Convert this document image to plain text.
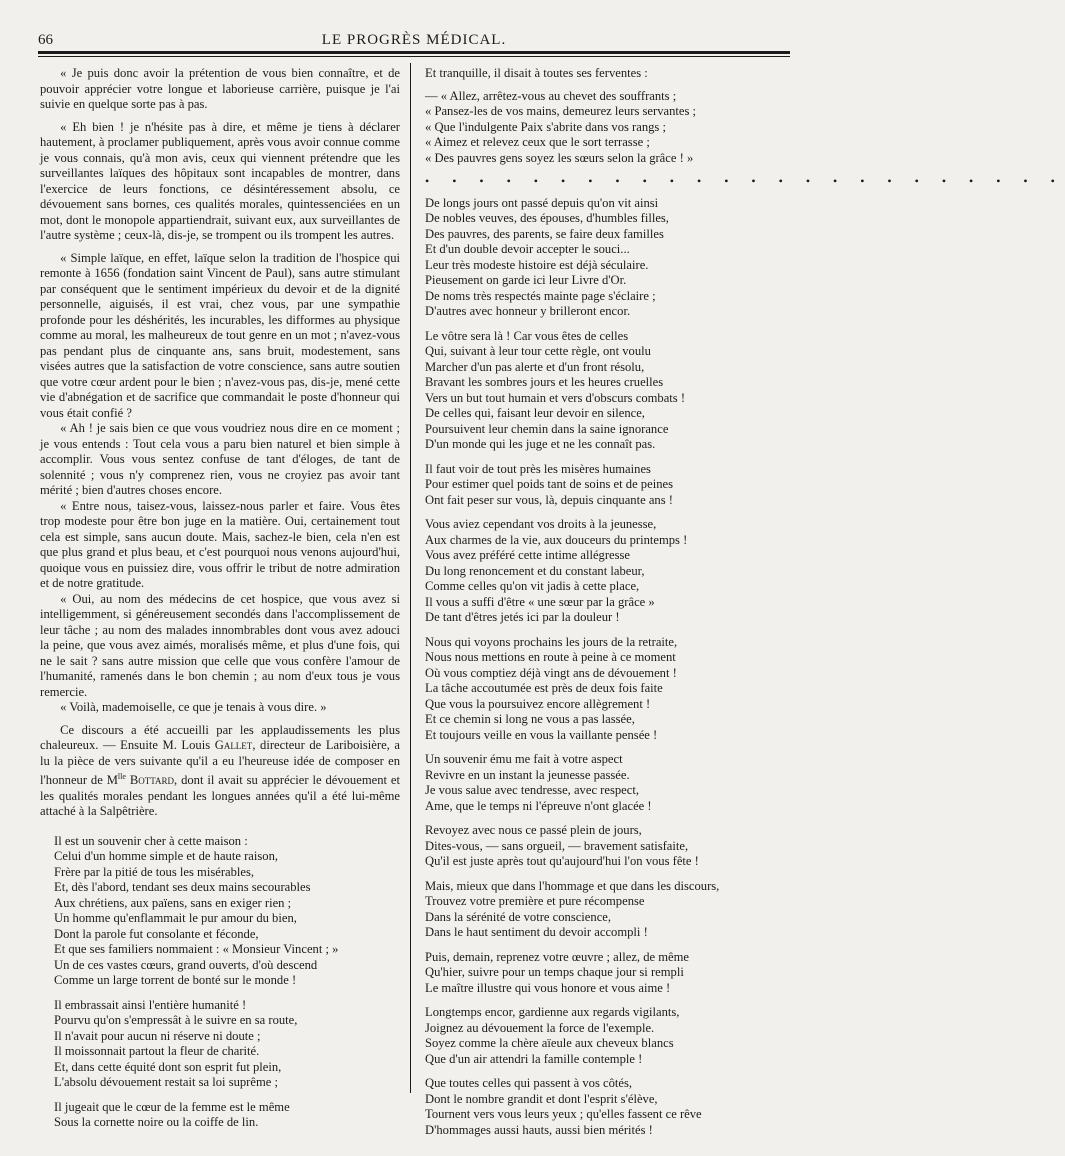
66	LE PROGRÈS MÉDICAL.

« Je puis donc avoir la prétention de vous bien connaître, et de pouvoir apprécier votre longue et laborieuse carrière, puisque je l'ai suivie en quelque sorte pas à pas.

« Eh bien ! je n'hésite pas à dire, et même je tiens à déclarer hautement, à proclamer publiquement, après vous avoir connue comme je vous connais, qu'à mon avis, ceux qui viennent prétendre que les surveillantes laïques des hôpitaux sont incapables de montrer, dans l'exercice de leurs fonctions, ce désintéressement absolu, ce dévouement sans bornes, ces qualités morales, quintessenciées en un mot, dont le monopole appartiendrait, suivant eux, aux surveillantes de l'autre système ; ceux-là, dis-je, se trompent ou ils trompent les autres.

« Simple laïque, en effet, laïque selon la tradition de l'hospice qui remonte à 1656 (fondation saint Vincent de Paul), sans autre stimulant par conséquent que le sentiment impérieux du devoir et de la dignité personnelle, aiguisés, il est vrai, chez vous, par une sympathie profonde pour les déshérités, les incurables, les difformes au physique comme au moral, les malheureux de tout genre en un mot ; n'avez-vous pas pendant plus de cinquante ans, sans bruit, modestement, sans visées autres que la satisfaction de votre conscience, sans autre soutien que votre cœur ardent pour le bien ; n'avez-vous pas, dis-je, mené cette vie d'abnégation et de sacrifice que commandait le poste d'honneur qui vous était confié ?

« Ah ! je sais bien ce que vous voudriez nous dire en ce moment ; je vous entends : Tout cela vous a paru bien naturel et bien simple à accomplir. Vous vous sentez confuse de tant d'éloges, de tant de solennité ; vous n'y comprenez rien, vous ne croyiez pas avoir tant mérité ; bien d'autres choses encore.

« Entre nous, taisez-vous, laissez-nous parler et faire. Vous êtes trop modeste pour être bon juge en la matière. Oui, certainement tout cela est simple, sans aucun doute. Mais, sachez-le bien, cela n'en est que plus grand et plus beau, et c'est pourquoi nous venons aujourd'hui, quoique vous en puissiez dire, vous offrir le tribut de notre admiration et de notre gratitude.

« Oui, au nom des médecins de cet hospice, que vous avez si intelligemment, si généreusement secondés dans l'accomplissement de leur tâche ; au nom des malades innombrables dont vous avez adouci la peine, que vous avez aimés, moralisés même, et plus d'une fois, qui ne le sait ? sans autre mission que celle que vous confère l'amour de l'humanité, ramenés dans le bon chemin ; au nom d'eux tous je vous remercie.

« Voilà, mademoiselle, ce que je tenais à vous dire. »

Ce discours a été accueilli par les applaudissements les plus chaleureux. — Ensuite M. Louis Gallet, directeur de Lariboisière, a lu la pièce de vers suivante qu'il a eu l'heureuse idée de composer en l'honneur de $M^{lle}$ Bottard, dont il avait su apprécier le dévouement et les qualités morales pendant les longues années qu'il a été lui-même attaché à la Salpêtrière.

Il est un souvenir cher à cette maison :

Celui d'un homme simple et de haute raison,

Frère par la pitié de tous les misérables,

Et, dès l'abord, tendant ses deux mains secourables

Aux chrétiens, aux païens, sans en exiger rien ;

Un homme qu'enflammait le pur amour du bien,

Dont la parole fut consolante et féconde,

Et que ses familiers nommaient : « Monsieur Vincent ; »

Un de ces vastes cœurs, grand ouverts, d'où descend

Comme un large torrent de bonté sur le monde !

Il embrassait ainsi l'entière humanité !

Pourvu qu'on s'empressât à le suivre en sa route,

Il n'avait pour aucun ni réserve ni doute ;

Il moissonnait partout la fleur de charité.

Et, dans cette équité dont son esprit fut plein,

L'absolu dévouement restait sa loi suprême ;

Il jugeait que le cœur de la femme est le même

Sous la cornette noire ou la coiffe de lin.

Et tranquille, il disait à toutes ses ferventes :

— « Allez, arrêtez-vous au chevet des souffrants ;

« Pansez-les de vos mains, demeurez leurs servantes ;

« Que l'indulgente Paix s'abrite dans vos rangs ;

« Aimez et relevez ceux que le sort terrasse ;

« Des pauvres gens soyez les sœurs selon la grâce ! »

• • • • • • • • • • • • • • • • • • • • • • • •

De longs jours ont passé depuis qu'on vit ainsi

De nobles veuves, des épouses, d'humbles filles,

Des pauvres, des parents, se faire deux familles

Et d'un double devoir accepter le souci...

Leur très modeste histoire est déjà séculaire.

Pieusement on garde ici leur Livre d'Or.

De noms très respectés mainte page s'éclaire ;

D'autres avec honneur y brilleront encor.

Le vôtre sera là ! Car vous êtes de celles

Qui, suivant à leur tour cette règle, ont voulu

Marcher d'un pas alerte et d'un front résolu,

Bravant les sombres jours et les heures cruelles

Vers un but tout humain et vers d'obscurs combats !

De celles qui, faisant leur devoir en silence,

Poursuivent leur chemin dans la saine ignorance

D'un monde qui les juge et ne les connaît pas.

Il faut voir de tout près les misères humaines

Pour estimer quel poids tant de soins et de peines

Ont fait peser sur vous, là, depuis cinquante ans !

Vous aviez cependant vos droits à la jeunesse,

Aux charmes de la vie, aux douceurs du printemps !

Vous avez préféré cette intime allégresse

Du long renoncement et du constant labeur,

Comme celles qu'on vit jadis à cette place,

Il vous a suffi d'être « une sœur par la grâce »

De tant d'êtres jetés ici par la douleur !

Nous qui voyons prochains les jours de la retraite,

Nous nous mettions en route à peine à ce moment

Où vous comptiez déjà vingt ans de dévouement !

La tâche accoutumée est près de deux fois faite

Que vous la poursuivez encore allègrement !

Et ce chemin si long ne vous a pas lassée,

Et toujours veille en vous la vaillante pensée !

Un souvenir ému me fait à votre aspect

Revivre en un instant la jeunesse passée.

Je vous salue avec tendresse, avec respect,

Ame, que le temps ni l'épreuve n'ont glacée !

Revoyez avec nous ce passé plein de jours,

Dites-vous, — sans orgueil, — bravement satisfaite,

Qu'il est juste après tout qu'aujourd'hui l'on vous fête !

Mais, mieux que dans l'hommage et que dans les discours,

Trouvez votre première et pure récompense

Dans la sérénité de votre conscience,

Dans le haut sentiment du devoir accompli !

Puis, demain, reprenez votre œuvre ; allez, de même

Qu'hier, suivre pour un temps chaque jour si rempli

Le maître illustre qui vous honore et vous aime !

Longtemps encor, gardienne aux regards vigilants,

Joignez au dévouement la force de l'exemple.

Soyez comme la chère aïeule aux cheveux blancs

Que d'un air attendri la famille contemple !

Que toutes celles qui passent à vos côtés,

Dont le nombre grandit et dont l'esprit s'élève,

Tournent vers vous leurs yeux ; qu'elles fassent ce rêve

D'hommages aussi hauts, aussi bien mérités !
